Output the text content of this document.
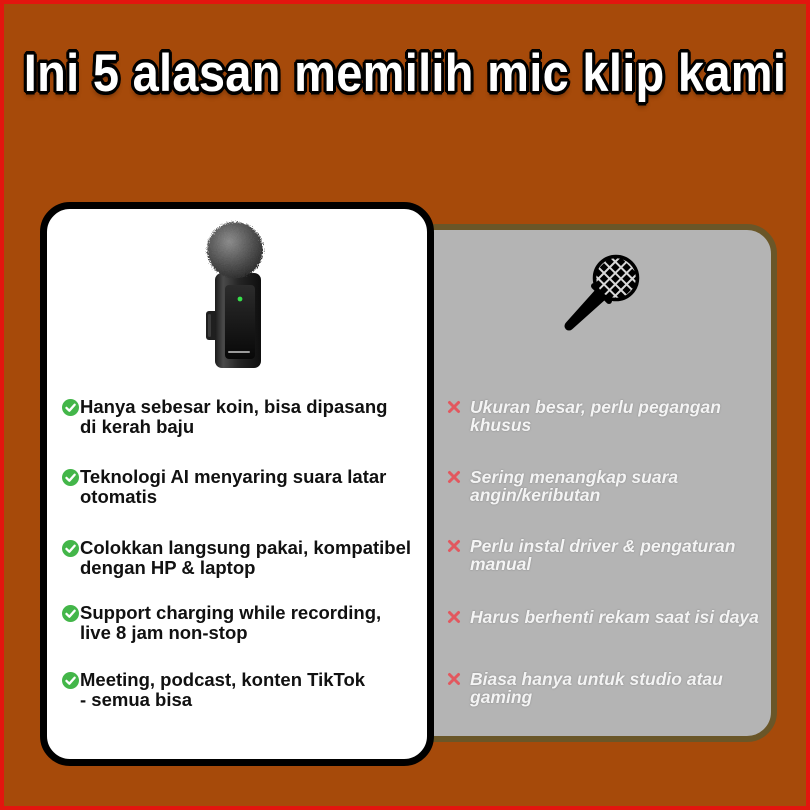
Ini 5 alasan memilih mic klip kami
Ukuran besar, perlu pegangan
khusus
Sering menangkap suara
angin/keributan
Perlu instal driver & pengaturan
manual
Harus berhenti rekam saat isi daya
Biasa hanya untuk studio atau
gaming
Hanya sebesar koin, bisa dipasang
di kerah baju
Teknologi AI menyaring suara latar
otomatis
Colokkan langsung pakai, kompatibel
dengan HP & laptop
Support charging while recording,
live 8 jam non-stop
Meeting, podcast, konten TikTok
- semua bisa
